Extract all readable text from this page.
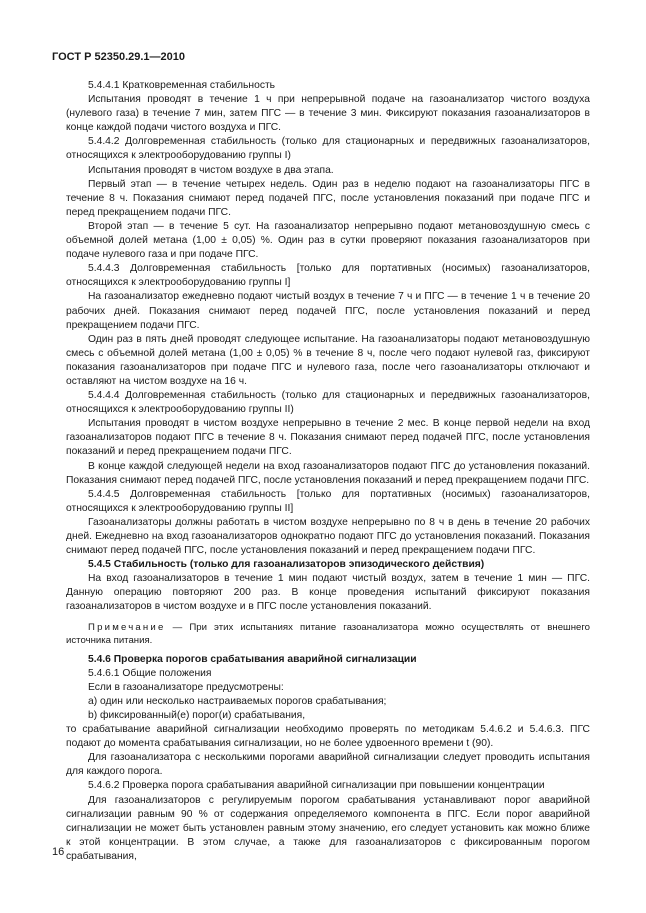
ГОСТ Р 52350.29.1—2010

5.4.4.1 Кратковременная стабильность

Испытания проводят в течение 1 ч при непрерывной подаче на газоанализатор чистого воздуха (нулевого газа) в течение 7 мин, затем ПГС — в течение 3 мин. Фиксируют показания газоанализаторов в конце каждой подачи чистого воздуха и ПГС.

5.4.4.2 Долговременная стабильность (только для стационарных и передвижных газоанализаторов, относящихся к электрооборудованию группы I)

Испытания проводят в чистом воздухе в два этапа.

Первый этап — в течение четырех недель. Один раз в неделю подают на газоанализаторы ПГС в течение 8 ч. Показания снимают перед подачей ПГС, после установления показаний при подаче ПГС и перед прекращением подачи ПГС.

Второй этап — в течение 5 сут. На газоанализатор непрерывно подают метановоздушную смесь с объемной долей метана (1,00 ± 0,05) %. Один раз в сутки проверяют показания газоанализаторов при подаче нулевого газа и при подаче ПГС.

5.4.4.3 Долговременная стабильность [только для портативных (носимых) газоанализаторов, относящихся к электрооборудованию группы I]

На газоанализатор ежедневно подают чистый воздух в течение 7 ч и ПГС — в течение 1 ч в течение 20 рабочих дней. Показания снимают перед подачей ПГС, после установления показаний и перед прекращением подачи ПГС.

Один раз в пять дней проводят следующее испытание. На газоанализаторы подают метановоздушную смесь с объемной долей метана (1,00 ± 0,05) % в течение 8 ч, после чего подают нулевой газ, фиксируют показания газоанализаторов при подаче ПГС и нулевого газа, после чего газоанализаторы отключают и оставляют на чистом воздухе на 16 ч.

5.4.4.4 Долговременная стабильность (только для стационарных и передвижных газоанализаторов, относящихся к электрооборудованию группы II)

Испытания проводят в чистом воздухе непрерывно в течение 2 мес. В конце первой недели на вход газоанализаторов подают ПГС в течение 8 ч. Показания снимают перед подачей ПГС, после установления показаний и перед прекращением подачи ПГС.

В конце каждой следующей недели на вход газоанализаторов подают ПГС до установления показаний. Показания снимают перед подачей ПГС, после установления показаний и перед прекращением подачи ПГС.

5.4.4.5 Долговременная стабильность [только для портативных (носимых) газоанализаторов, относящихся к электрооборудованию группы II]

Газоанализаторы должны работать в чистом воздухе непрерывно по 8 ч в день в течение 20 рабочих дней. Ежедневно на вход газоанализаторов однократно подают ПГС до установления показаний. Показания снимают перед подачей ПГС, после установления показаний и перед прекращением подачи ПГС.

5.4.5 Стабильность (только для газоанализаторов эпизодического действия)

На вход газоанализаторов в течение 1 мин подают чистый воздух, затем в течение 1 мин — ПГС. Данную операцию повторяют 200 раз. В конце проведения испытаний фиксируют показания газоанализаторов в чистом воздухе и в ПГС после установления показаний.

Примечание — При этих испытаниях питание газоанализатора можно осуществлять от внешнего источника питания.

5.4.6 Проверка порогов срабатывания аварийной сигнализации

5.4.6.1 Общие положения

Если в газоанализаторе предусмотрены:

а) один или несколько настраиваемых порогов срабатывания;

b) фиксированный(е) порог(и) срабатывания,

то срабатывание аварийной сигнализации необходимо проверять по методикам 5.4.6.2 и 5.4.6.3. ПГС подают до момента срабатывания сигнализации, но не более удвоенного времени t (90).

Для газоанализатора с несколькими порогами аварийной сигнализации следует проводить испытания для каждого порога.

5.4.6.2 Проверка порога срабатывания аварийной сигнализации при повышении концентрации

Для газоанализаторов с регулируемым порогом срабатывания устанавливают порог аварийной сигнализации равным 90 % от содержания определяемого компонента в ПГС. Если порог аварийной сигнализации не может быть установлен равным этому значению, его следует установить как можно ближе к этой концентрации. В этом случае, а также для газоанализаторов с фиксированным порогом срабатывания,

16
